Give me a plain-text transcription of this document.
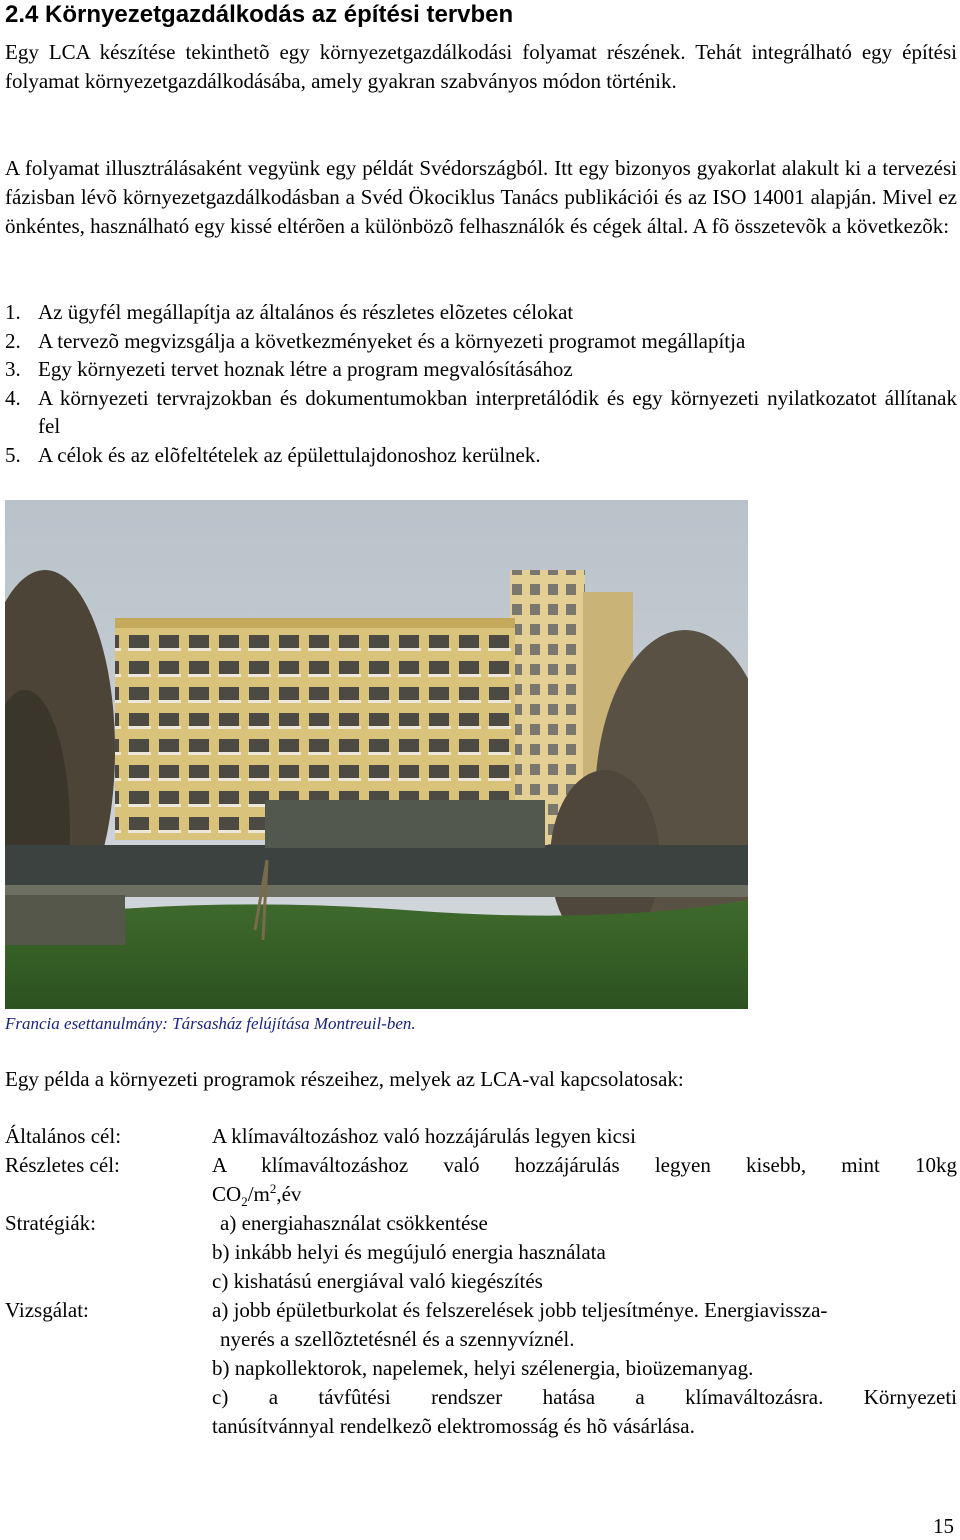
2.4 Környezetgazdálkodás az építési tervben

Egy LCA készítése tekinthetõ egy környezetgazdálkodási folyamat részének. Tehát integrálható egy építési folyamat környezetgazdálkodásába, amely gyakran szabványos módon történik.

A folyamat illusztrálásaként vegyünk egy példát Svédországból. Itt egy bizonyos gyakorlat alakult ki a tervezési fázisban lévõ környezetgazdálkodásban a Svéd Ökociklus Tanács publikációi és az ISO 14001 alapján. Mivel ez önkéntes, használható egy kissé eltérõen a különbözõ felhasználók és cégek által. A fõ összetevõk a következõk:

1. Az ügyfél megállapítja az általános és részletes elõzetes célokat
2. A tervezõ megvizsgálja a következményeket és a környezeti programot megállapítja
3. Egy környezeti tervet hoznak létre a program megvalósításához
4. A környezeti tervrajzokban és dokumentumokban interpretálódik és egy környezeti nyilatkozatot állítanak fel
5. A célok és az elõfeltételek az épülettulajdonoshoz kerülnek.
Francia esettanulmány: Társasház felújítása Montreuil-ben.
Egy példa a környezeti programok részeihez, melyek az LCA-val kapcsolatosak:
Általános cél:	A klímaváltozáshoz való hozzájárulás legyen kicsi
Részletes cél:	A klímaváltozáshoz való hozzájárulás legyen kisebb, mint 10kg
$CO_2/m^2,év$
Stratégiák:	a) energiahasználat csökkentése
b) inkább helyi és megújuló energia használata
c) kishatású energiával való kiegészítés
Vizsgálat:	a) jobb épületburkolat és felszerelések jobb teljesítménye. Energiavissza-
nyerés a szellõztetésnél és a szennyvíznél.
b) napkollektorok, napelemek, helyi szélenergia, bioüzemanyag.
c) a távfûtési rendszer hatása a klímaváltozásra. Környezeti
tanúsítvánnyal rendelkezõ elektromosság és hõ vásárlása.
15
